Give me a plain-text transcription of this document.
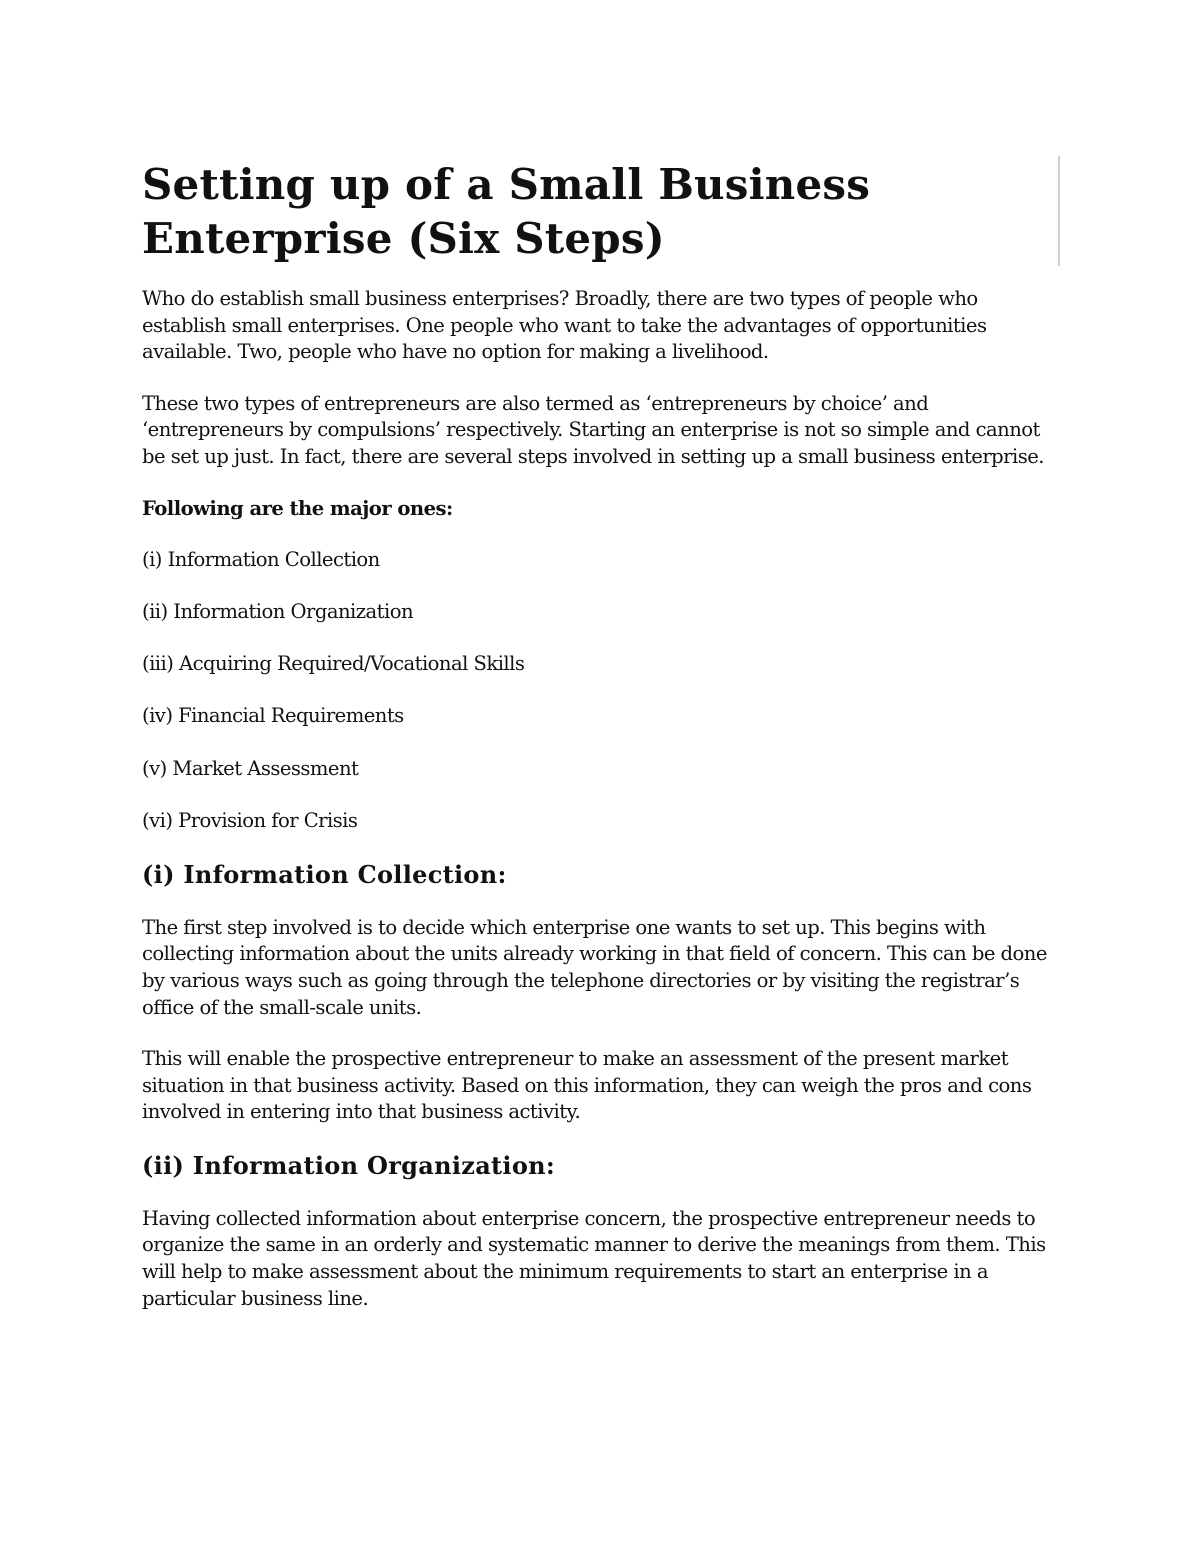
Setting up of a Small Business Enterprise (Six Steps)

Who do establish small business enterprises? Broadly, there are two types of people who establish small enterprises. One people who want to take the advantages of opportunities available. Two, people who have no option for making a livelihood.

These two types of entrepreneurs are also termed as ‘entrepreneurs by choice’ and ‘entrepreneurs by compulsions’ respectively. Starting an enterprise is not so simple and cannot be set up just. In fact, there are several steps involved in setting up a small business enterprise.

Following are the major ones:

(i) Information Collection

(ii) Information Organization

(iii) Acquiring Required/Vocational Skills

(iv) Financial Requirements

(v) Market Assessment

(vi) Provision for Crisis

(i) Information Collection:

The first step involved is to decide which enterprise one wants to set up. This begins with collecting information about the units already working in that field of concern. This can be done by various ways such as going through the telephone directories or by visiting the registrar’s office of the small-scale units.

This will enable the prospective entrepreneur to make an assessment of the present market situation in that business activity. Based on this information, they can weigh the pros and cons involved in entering into that business activity.

(ii) Information Organization:

Having collected information about enterprise concern, the prospective entrepreneur needs to organize the same in an orderly and systematic manner to derive the meanings from them. This will help to make assessment about the minimum requirements to start an enterprise in a particular business line.
